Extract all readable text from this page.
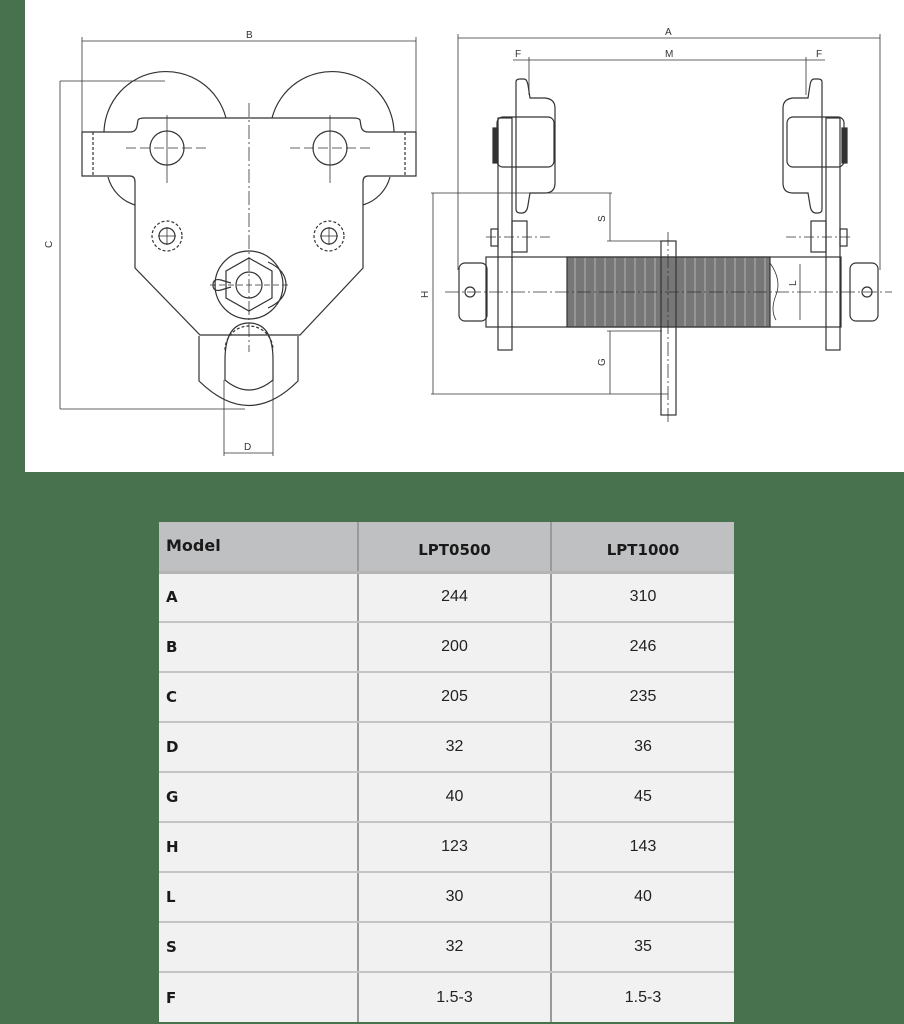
B
C
D
A
F	M	F
H
S
G
L
Model	LPT0500	LPT1000
A	244	310
B	200	246
C	205	235
D	32	36
G	40	45
H	123	143
L	30	40
S	32	35
F	1.5-3	1.5-3
